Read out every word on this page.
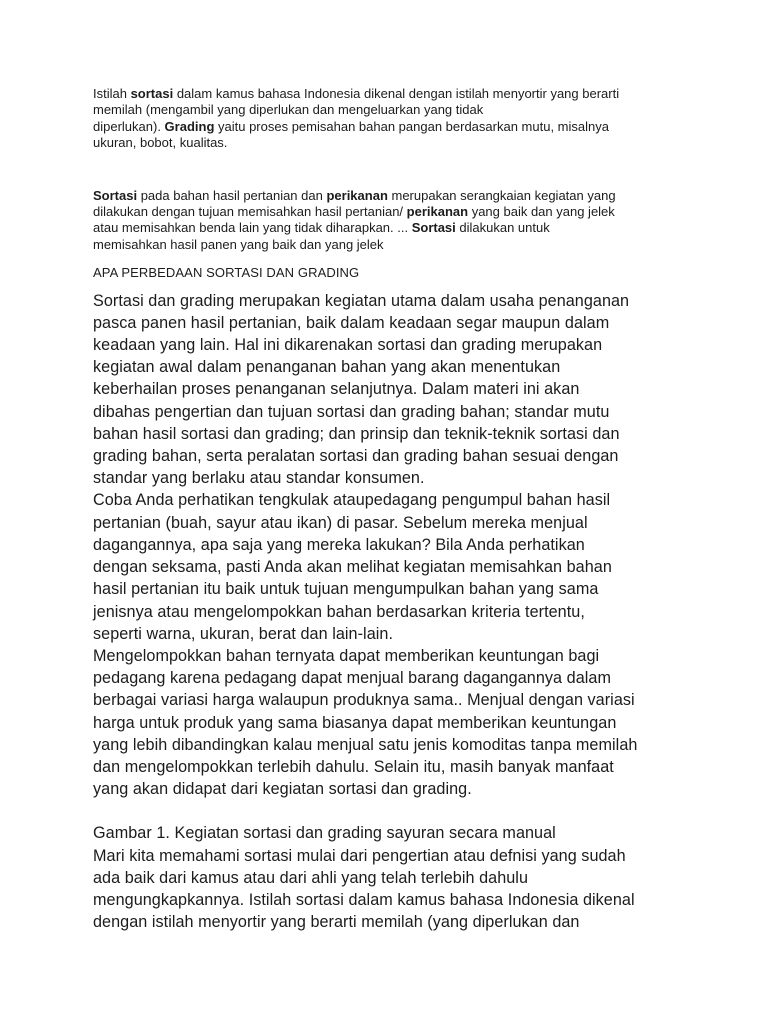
Istilah sortasi dalam kamus bahasa Indonesia dikenal dengan istilah menyortir yang berarti
memilah (mengambil yang diperlukan dan mengeluarkan yang tidak
diperlukan). Grading yaitu proses pemisahan bahan pangan berdasarkan mutu, misalnya
ukuran, bobot, kualitas.

Sortasi pada bahan hasil pertanian dan perikanan merupakan serangkaian kegiatan yang
dilakukan dengan tujuan memisahkan hasil pertanian/ perikanan yang baik dan yang jelek
atau memisahkan benda lain yang tidak diharapkan. ... Sortasi dilakukan untuk
memisahkan hasil panen yang baik dan yang jelek

APA PERBEDAAN SORTASI DAN GRADING

Sortasi dan grading merupakan kegiatan utama dalam usaha penanganan
pasca panen hasil pertanian, baik dalam keadaan segar maupun dalam
keadaan yang lain. Hal ini dikarenakan sortasi dan grading merupakan
kegiatan awal dalam penanganan bahan yang akan menentukan
keberhailan proses penanganan selanjutnya. Dalam materi ini akan
dibahas pengertian dan tujuan sortasi dan grading bahan; standar mutu
bahan hasil sortasi dan grading; dan prinsip dan teknik-teknik sortasi dan
grading bahan, serta peralatan sortasi dan grading bahan sesuai dengan
standar yang berlaku atau standar konsumen.
Coba Anda perhatikan tengkulak ataupedagang pengumpul bahan hasil
pertanian (buah, sayur atau ikan) di pasar. Sebelum mereka menjual
dagangannya, apa saja yang mereka lakukan? Bila Anda perhatikan
dengan seksama, pasti Anda akan melihat kegiatan memisahkan bahan
hasil pertanian itu baik untuk tujuan mengumpulkan bahan yang sama
jenisnya atau mengelompokkan bahan berdasarkan kriteria tertentu,
seperti warna, ukuran, berat dan lain-lain.
Mengelompokkan bahan ternyata dapat memberikan keuntungan bagi
pedagang karena pedagang dapat menjual barang dagangannya dalam
berbagai variasi harga walaupun produknya sama.. Menjual dengan variasi
harga untuk produk yang sama biasanya dapat memberikan keuntungan
yang lebih dibandingkan kalau menjual satu jenis komoditas tanpa memilah
dan mengelompokkan terlebih dahulu. Selain itu, masih banyak manfaat
yang akan didapat dari kegiatan sortasi dan grading.
Gambar 1. Kegiatan sortasi dan grading sayuran secara manual
Mari kita memahami sortasi mulai dari pengertian atau defnisi yang sudah
ada baik dari kamus atau dari ahli yang telah terlebih dahulu
mengungkapkannya. Istilah sortasi dalam kamus bahasa Indonesia dikenal
dengan istilah menyortir yang berarti memilah (yang diperlukan dan
